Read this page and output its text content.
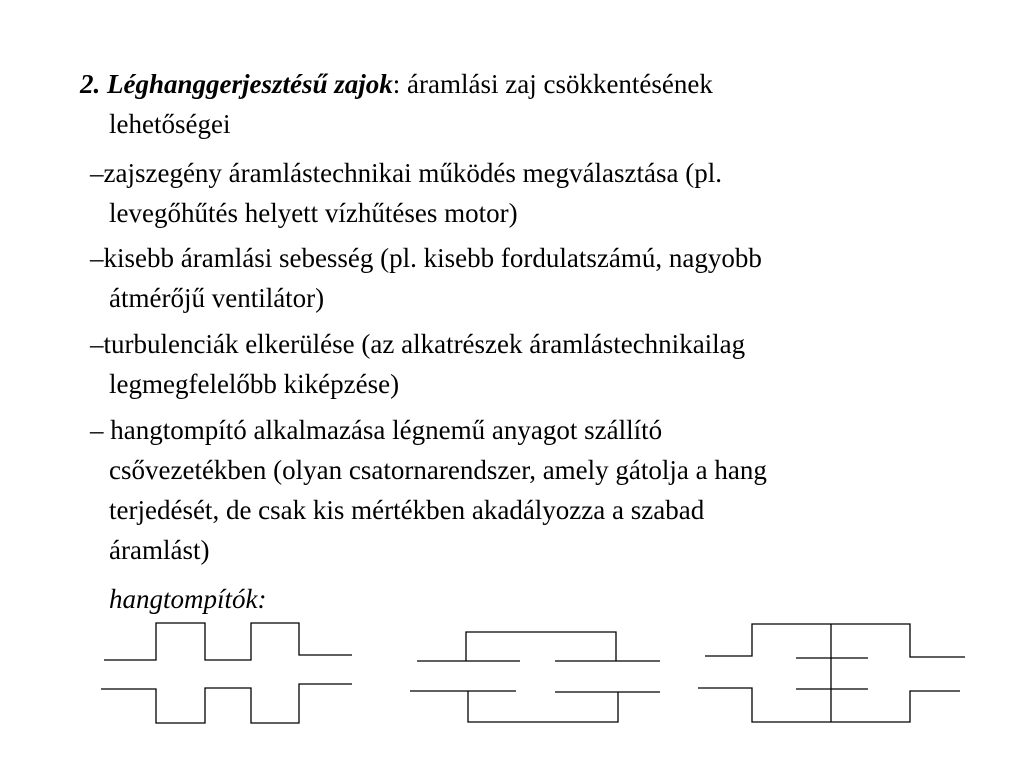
2. Léghanggerjesztésű zajok: áramlási zaj csökkentésének
lehetőségei
–zajszegény áramlástechnikai működés megválasztása (pl.
levegőhűtés helyett vízhűtéses motor)
–kisebb áramlási sebesség (pl. kisebb fordulatszámú, nagyobb
átmérőjű ventilátor)
–turbulenciák elkerülése (az alkatrészek áramlástechnikailag
legmegfelelőbb kiképzése)
– hangtompító alkalmazása légnemű anyagot szállító
csővezetékben (olyan csatornarendszer, amely gátolja a hang
terjedését, de csak kis mértékben akadályozza a szabad
áramlást)
hangtompítók:
